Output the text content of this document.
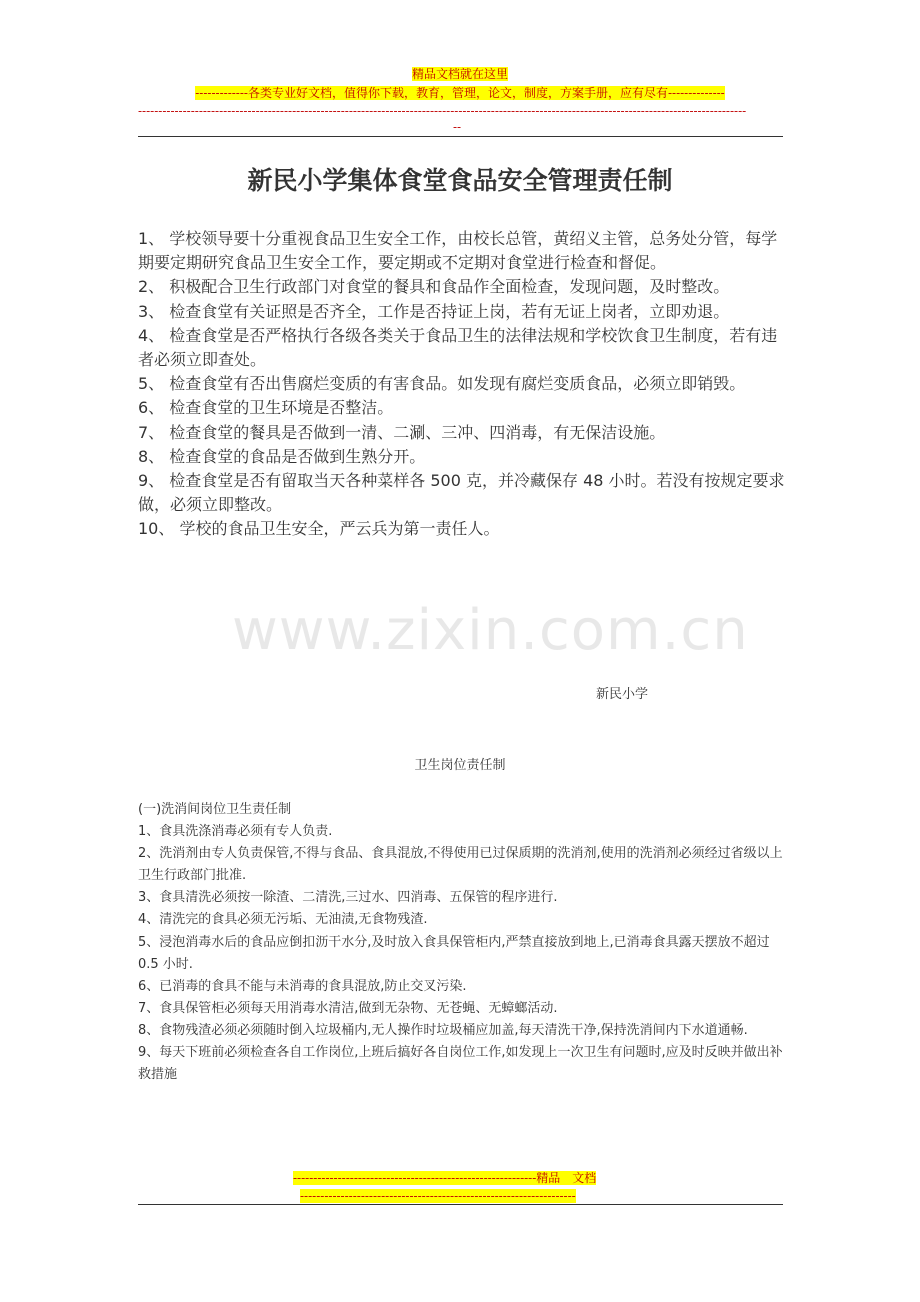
精品文档就在这里
-------------各类专业好文档，值得你下载，教育，管理，论文，制度，方案手册，应有尽有--------------
------------------------------------------------------------------------------------------------------------------------------------------------------
--
新民小学集体食堂食品安全管理责任制

1、 学校领导要十分重视食品卫生安全工作，由校长总管，黄绍义主管，总务处分管，每学期要定期研究食品卫生安全工作，要定期或不定期对食堂进行检查和督促。

2、 积极配合卫生行政部门对食堂的餐具和食品作全面检查，发现问题，及时整改。

3、 检查食堂有关证照是否齐全，工作是否持证上岗，若有无证上岗者，立即劝退。

4、 检查食堂是否严格执行各级各类关于食品卫生的法律法规和学校饮食卫生制度，若有违者必须立即查处。

5、 检查食堂有否出售腐烂变质的有害食品。如发现有腐烂变质食品，必须立即销毁。

6、 检查食堂的卫生环境是否整洁。

7、 检查食堂的餐具是否做到一清、二涮、三冲、四消毒，有无保洁设施。

8、 检查食堂的食品是否做到生熟分开。

9、 检查食堂是否有留取当天各种菜样各 500 克，并冷藏保存 48 小时。若没有按规定要求做，必须立即整改。

10、 学校的食品卫生安全，严云兵为第一责任人。

www.zixin.com.cn
新民小学
卫生岗位责任制

(一)洗消间岗位卫生责任制

1、食具洗涤消毒必须有专人负责.

2、洗消剂由专人负责保管,不得与食品、食具混放,不得使用已过保质期的洗消剂,使用的洗消剂必须经过省级以上卫生行政部门批准.

3、食具清洗必须按一除渣、二清洗,三过水、四消毒、五保管的程序进行.

4、清洗完的食具必须无污垢、无油渍,无食物残渣.

5、浸泡消毒水后的食品应倒扣沥干水分,及时放入食具保管柜内,严禁直接放到地上,已消毒食具露天摆放不超过 0.5 小时.

6、已消毒的食具不能与未消毒的食具混放,防止交叉污染.

7、食具保管柜必须每天用消毒水清洁,做到无杂物、无苍蝇、无蟑螂活动.

8、食物残渣必须必须随时倒入垃圾桶内,无人操作时垃圾桶应加盖,每天清洗干净,保持洗消间内下水道通畅.

9、每天下班前必须检查各自工作岗位,上班后搞好各自岗位工作,如发现上一次卫生有问题时,应及时反映并做出补救措施

------------------------------------------------------------精品　文档
--------------------------------------------------------------------
